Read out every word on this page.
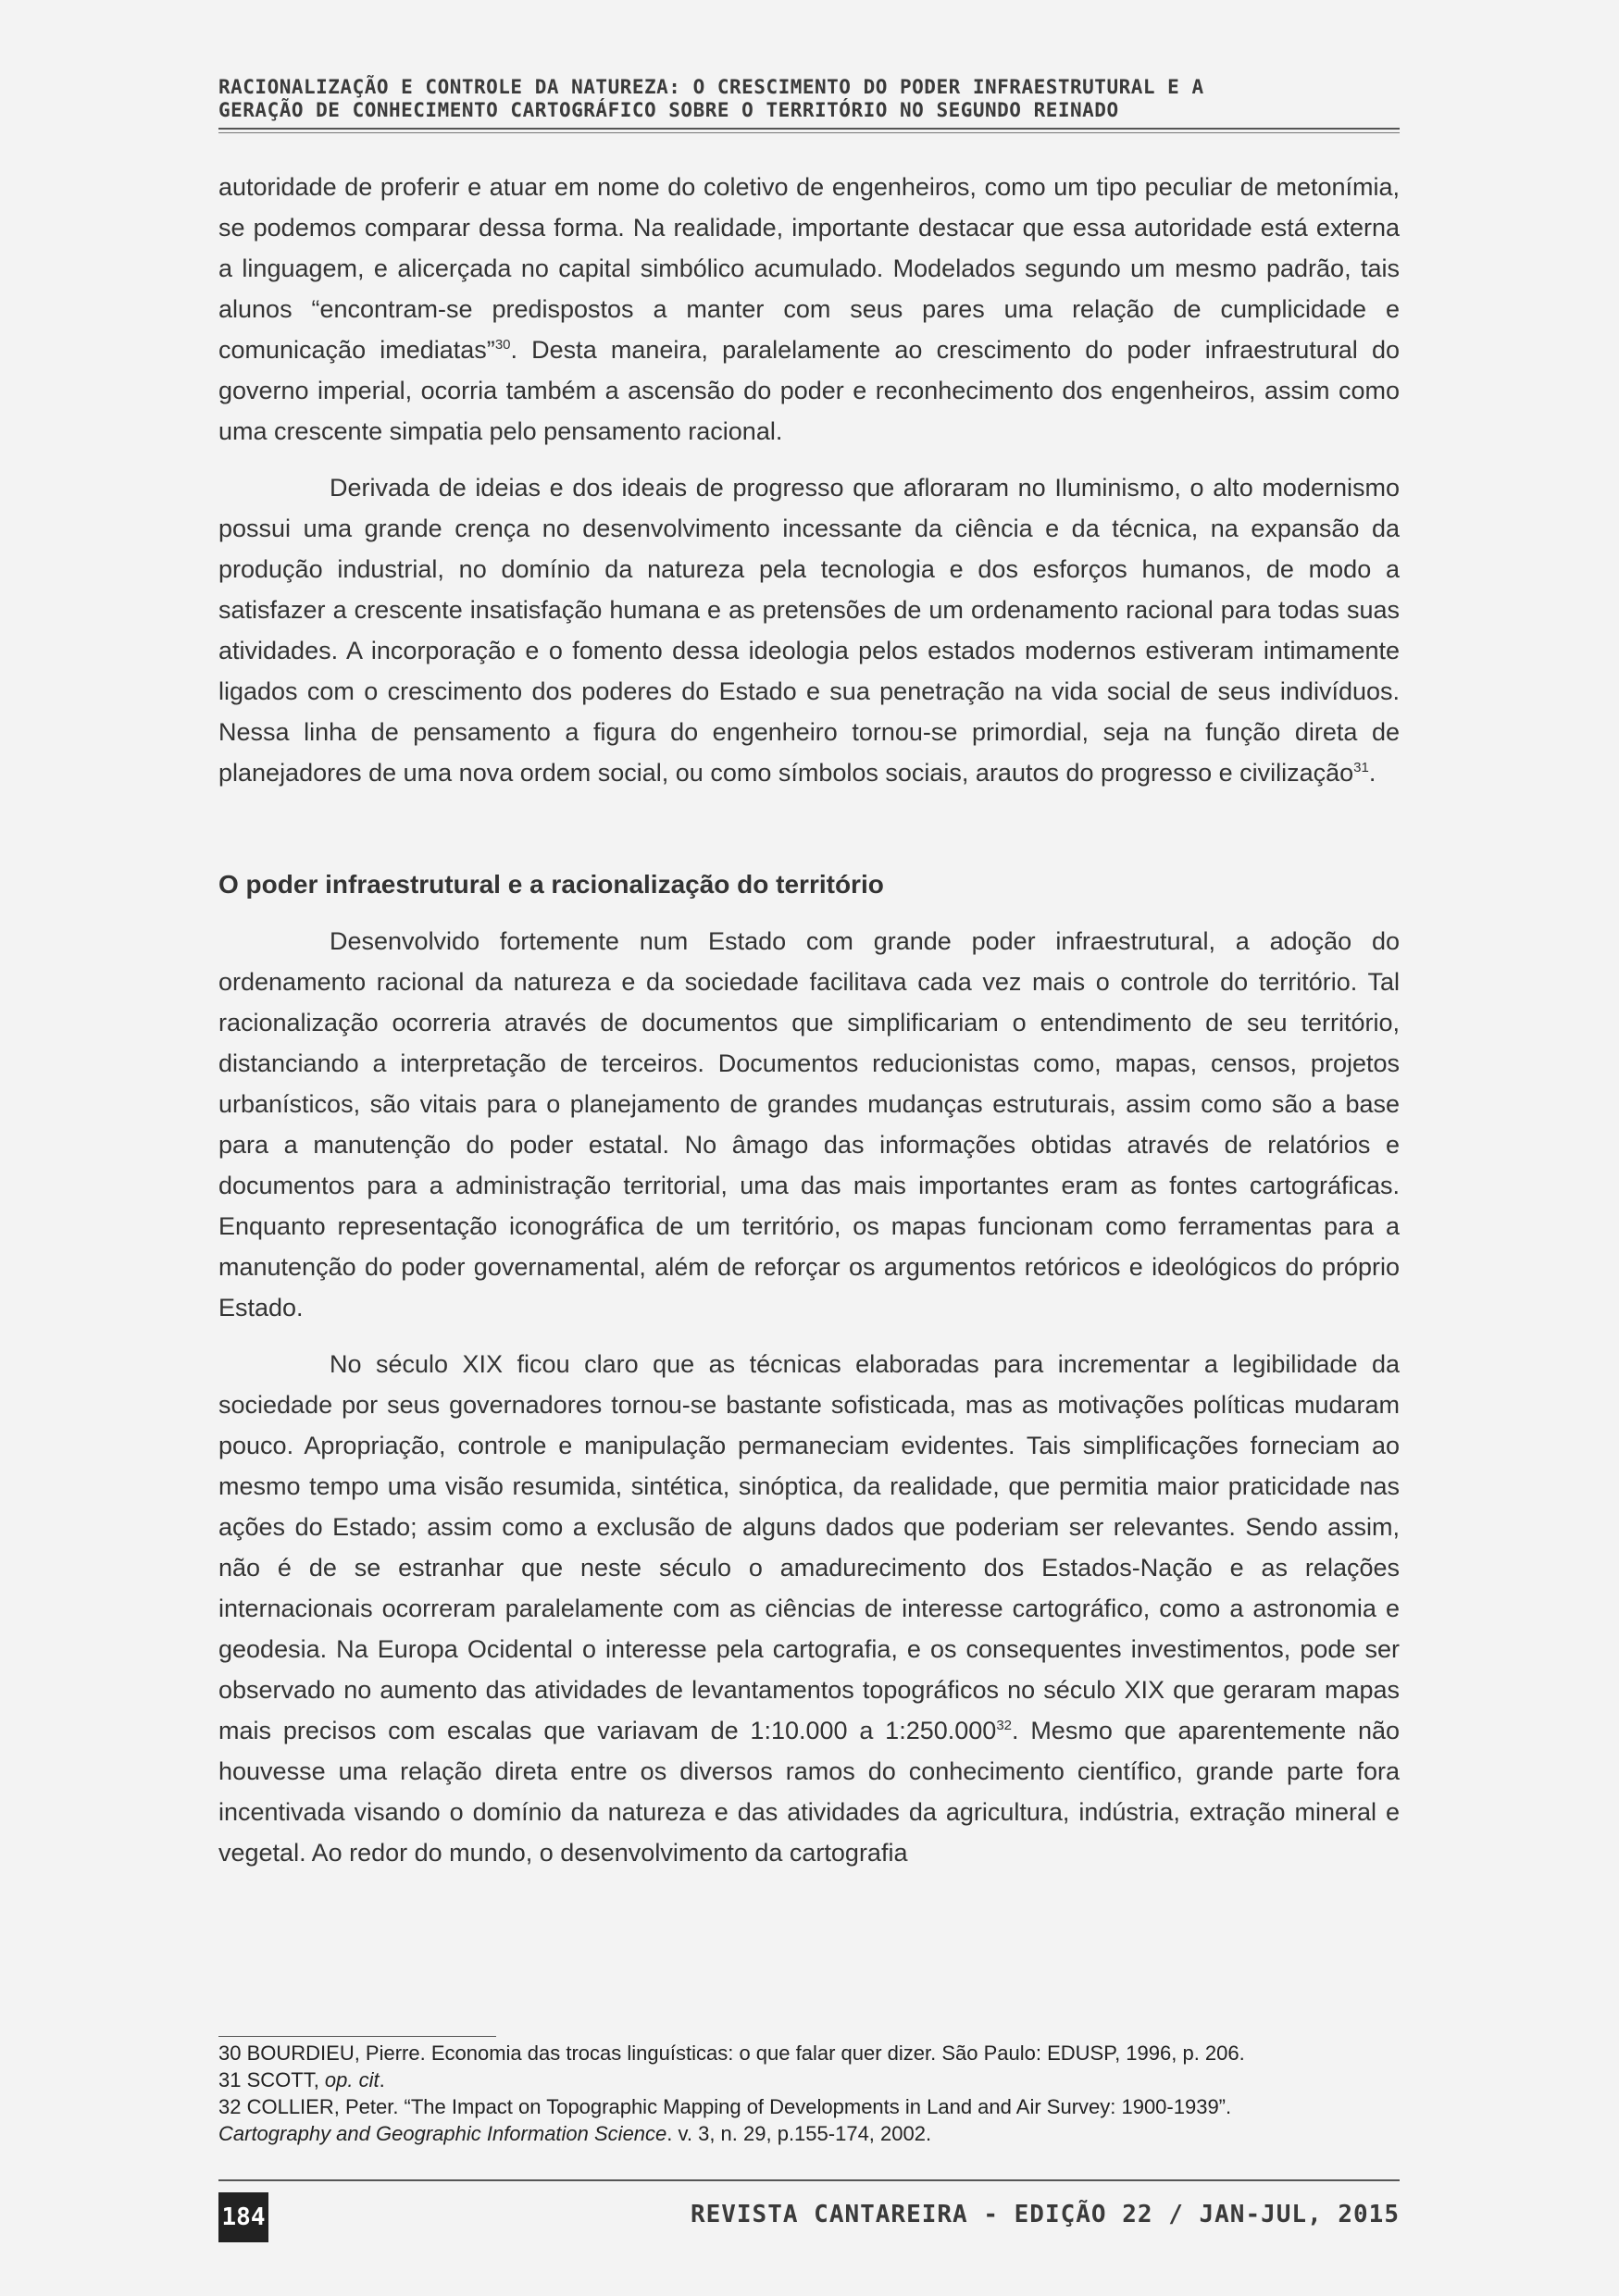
RACIONALIZAÇÃO E CONTROLE DA NATUREZA: O CRESCIMENTO DO PODER INFRAESTRUTURAL E A

GERAÇÃO DE CONHECIMENTO CARTOGRÁFICO SOBRE O TERRITÓRIO NO SEGUNDO REINADO

autoridade de proferir e atuar em nome do coletivo de engenheiros, como um tipo peculiar de metonímia, se podemos comparar dessa forma. Na realidade, importante destacar que essa autoridade está externa a linguagem, e alicerçada no capital simbólico acumulado. Modelados segundo um mesmo padrão, tais alunos “encontram-se predispostos a manter com seus pares uma relação de cumplicidade e comunicação imediatas”$^{30}$. Desta maneira, paralelamente ao crescimento do poder infraestrutural do governo imperial, ocorria também a ascensão do poder e reconhecimento dos engenheiros, assim como uma crescente simpatia pelo pensamento racional.

Derivada de ideias e dos ideais de progresso que afloraram no Iluminismo, o alto modernismo possui uma grande crença no desenvolvimento incessante da ciência e da técnica, na expansão da produção industrial, no domínio da natureza pela tecnologia e dos esforços humanos, de modo a satisfazer a crescente insatisfação humana e as pretensões de um ordenamento racional para todas suas atividades. A incorporação e o fomento dessa ideologia pelos estados modernos estiveram intimamente ligados com o crescimento dos poderes do Estado e sua penetração na vida social de seus indivíduos. Nessa linha de pensamento a figura do engenheiro tornou-se primordial, seja na função direta de planejadores de uma nova ordem social, ou como símbolos sociais, arautos do progresso e civilização$^{31}$.

O poder infraestrutural e a racionalização do território

Desenvolvido fortemente num Estado com grande poder infraestrutural, a adoção do ordenamento racional da natureza e da sociedade facilitava cada vez mais o controle do território. Tal racionalização ocorreria através de documentos que simplificariam o entendimento de seu território, distanciando a interpretação de terceiros. Documentos reducionistas como, mapas, censos, projetos urbanísticos, são vitais para o planejamento de grandes mudanças estruturais, assim como são a base para a manutenção do poder estatal. No âmago das informações obtidas através de relatórios e documentos para a administração territorial, uma das mais importantes eram as fontes cartográficas. Enquanto representação iconográfica de um território, os mapas funcionam como ferramentas para a manutenção do poder governamental, além de reforçar os argumentos retóricos e ideológicos do próprio Estado.

No século XIX ficou claro que as técnicas elaboradas para incrementar a legibilidade da sociedade por seus governadores tornou-se bastante sofisticada, mas as motivações políticas mudaram pouco. Apropriação, controle e manipulação permaneciam evidentes. Tais simplificações forneciam ao mesmo tempo uma visão resumida, sintética, sinóptica, da realidade, que permitia maior praticidade nas ações do Estado; assim como a exclusão de alguns dados que poderiam ser relevantes. Sendo assim, não é de se estranhar que neste século o amadurecimento dos Estados-Nação e as relações internacionais ocorreram paralelamente com as ciências de interesse cartográfico, como a astronomia e geodesia. Na Europa Ocidental o interesse pela cartografia, e os consequentes investimentos, pode ser observado no aumento das atividades de levantamentos topográficos no século XIX que geraram mapas mais precisos com escalas que variavam de 1:10.000 a 1:250.000$^{32}$. Mesmo que aparentemente não houvesse uma relação direta entre os diversos ramos do conhecimento científico, grande parte fora incentivada visando o domínio da natureza e das atividades da agricultura, indústria, extração mineral e vegetal. Ao redor do mundo, o desenvolvimento da cartografia

30 BOURDIEU, Pierre. Economia das trocas linguísticas: o que falar quer dizer. São Paulo: EDUSP, 1996, p. 206.

31 SCOTT, op. cit.

32 COLLIER, Peter. “The Impact on Topographic Mapping of Developments in Land and Air Survey: 1900-1939”.
Cartography and Geographic Information Science. v. 3, n. 29, p.155-174, 2002.

184	REVISTA CANTAREIRA - EDIÇÃO 22 / JAN-JUL, 2015
